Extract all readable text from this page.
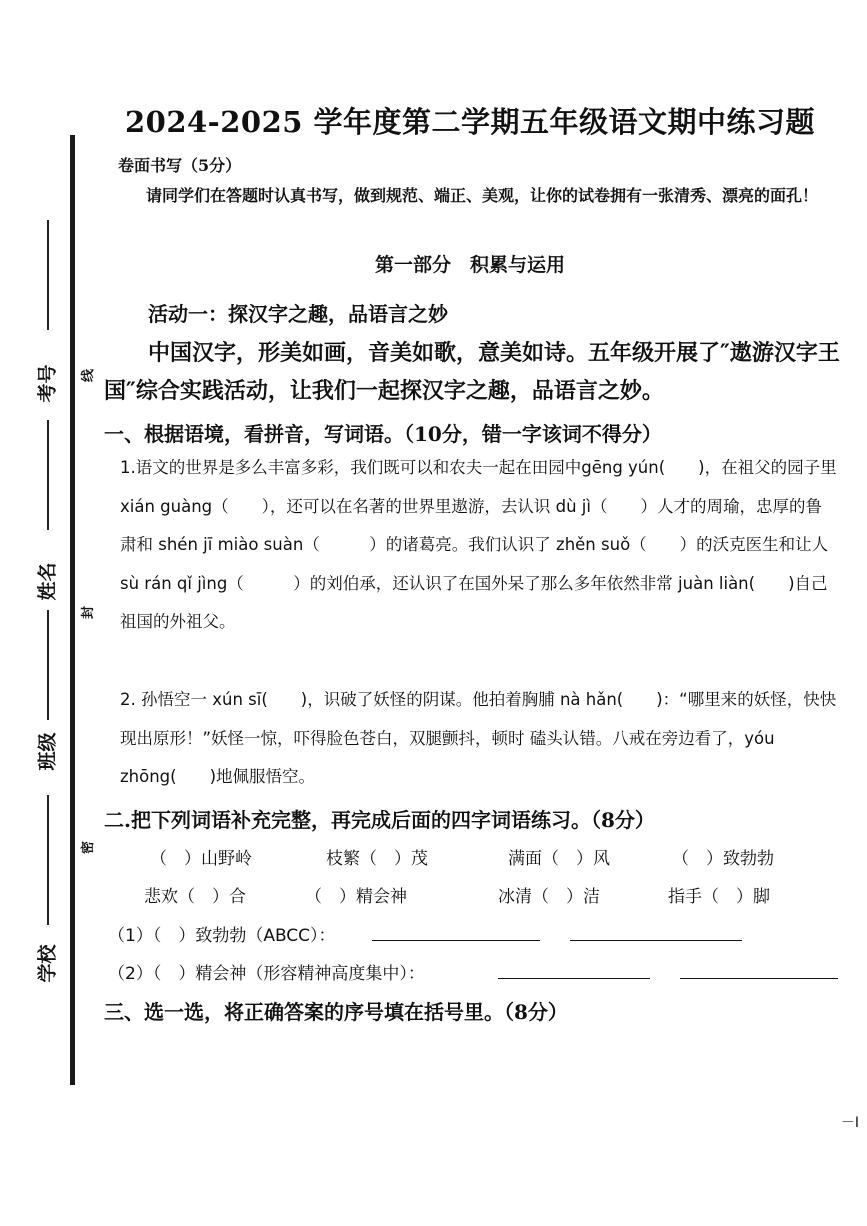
考号
姓名
班级
学校
线
封
密
2024-2025 学年度第二学期五年级语文期中练习题
卷面书写（5分）
请同学们在答题时认真书写，做到规范、端正、美观，让你的试卷拥有一张清秀、漂亮的面孔！
第一部分　积累与运用
活动一：探汉字之趣，品语言之妙
中国汉字，形美如画，音美如歌，意美如诗。五年级开展了″遨游汉字王国″综合实践活动，让我们一起探汉字之趣，品语言之妙。
一、根据语境，看拼音，写词语。（10分，错一字该词不得分）
1.语文的世界是多么丰富多彩，我们既可以和农夫一起在田园中gēng yún(　　)，在祖父的园子里 xián guàng（　　），还可以在名著的世界里遨游，去认识 dù jì（　　）人才的周瑜，忠厚的鲁肃和 shén jī miào suàn（　　　）的诸葛亮。我们认识了 zhěn suǒ（　　）的沃克医生和让人 sù rán qǐ jìng（　　　）的刘伯承，还认识了在国外呆了那么多年依然非常 juàn liàn(　　)自己祖国的外祖父。
2. 孙悟空一 xún sī(　　)，识破了妖怪的阴谋。他拍着胸脯 nà hǎn(　　)：“哪里来的妖怪，快快现出原形！”妖怪一惊，吓得脸色苍白，双腿颤抖，顿时 磕头认错。八戒在旁边看了，yóu zhōng(　　)地佩服悟空。
二.把下列词语补充完整，再完成后面的四字词语练习。（8分）
（　）山野岭	枝繁（　）茂	满面（　）风	（　）致勃勃
悲欢（　）合	（　）精会神	冰清（　）洁	指手（　）脚
（1）（　）致勃勃（ABCC）：
（2）（　）精会神（形容精神高度集中）：
三、选一选，将正确答案的序号填在括号里。（8分）
－I
